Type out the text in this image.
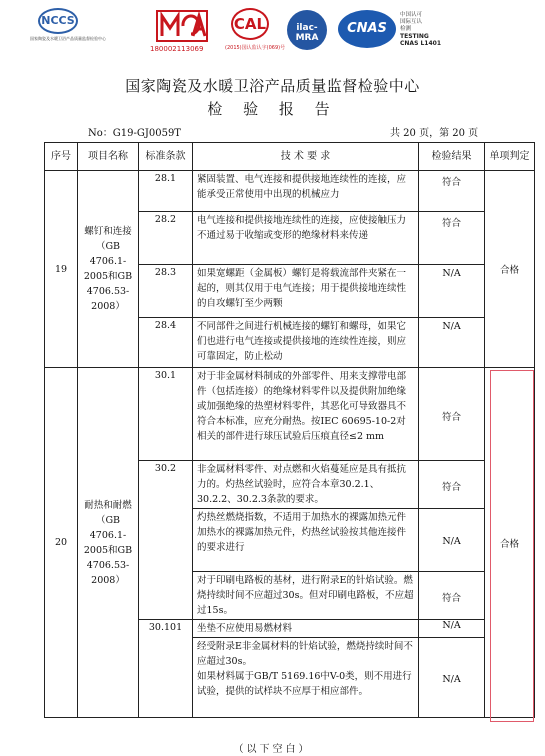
NCCS
国家陶瓷及水暖卫浴产品质量监督检验中心
180002113069
CAL
(2015)国认监认字(069)号
ilac-MRA
CNAS
中国认可
国际互认
检测
TESTING
CNAS L1401
国家陶瓷及水暖卫浴产品质量监督检验中心
检 验 报 告
No：G19-GJ0059T	共 20 页，第 20 页
序号	项目名称	标准条款	技 术 要 求	检验结果	单项判定
19	螺钉和连接（GB 4706.1-2005和GB 4706.53-2008）	28.1	紧固装置、电气连接和提供接地连续性的连接，应能承受正常使用中出现的机械应力	符合	合格
		28.2	电气连接和提供接地连续性的连接，应使接触压力不通过易于收缩或变形的绝缘材料来传递	符合	
		28.3	如果宽螺距（金属板）螺钉是将载流部件夹紧在一起的，则其仅用于电气连接；用于提供接地连续性的自攻螺钉至少两颗	N/A	
		28.4	不同部件之间进行机械连接的螺钉和螺母，如果它们也进行电气连接或提供接地的连续性连接，则应可靠固定，防止松动	N/A	
20	耐热和耐燃（GB 4706.1-2005和GB 4706.53-2008）	30.1	对于非金属材料制成的外部零件、用来支撑带电部件（包括连接）的绝缘材料零件以及提供附加绝缘或加强绝缘的热塑材料零件，其恶化可导致器具不符合本标准，应充分耐热。按IEC 60695-10-2对相关的部件进行球压试验后压痕直径≤2 mm	符合	合格
		30.2	非金属材料零件、对点燃和火焰蔓延应是具有抵抗力的。灼热丝试验时，应符合本章30.2.1、30.2.2、30.2.3条款的要求。	符合	

			灼热丝燃烧指数，不适用于加热水的裸露加热元件
加热水的裸露加热元件，灼热丝试验按其他连接件的要求进行	N/A	
			对于印刷电路板的基材，进行附录E的针焰试验。燃烧持续时间不应超过30s。但对印刷电路板，不应超过15s。	符合	
		30.101	坐垫不应使用易燃材料	N/A	

			经受附录E非金属材料的针焰试验，燃烧持续时间不应超过30s。
如果材料属于GB/T 5169.16中V-0类，则不用进行试验，提供的试样块不应厚于相应部件。	N/A	
（以下空白）
